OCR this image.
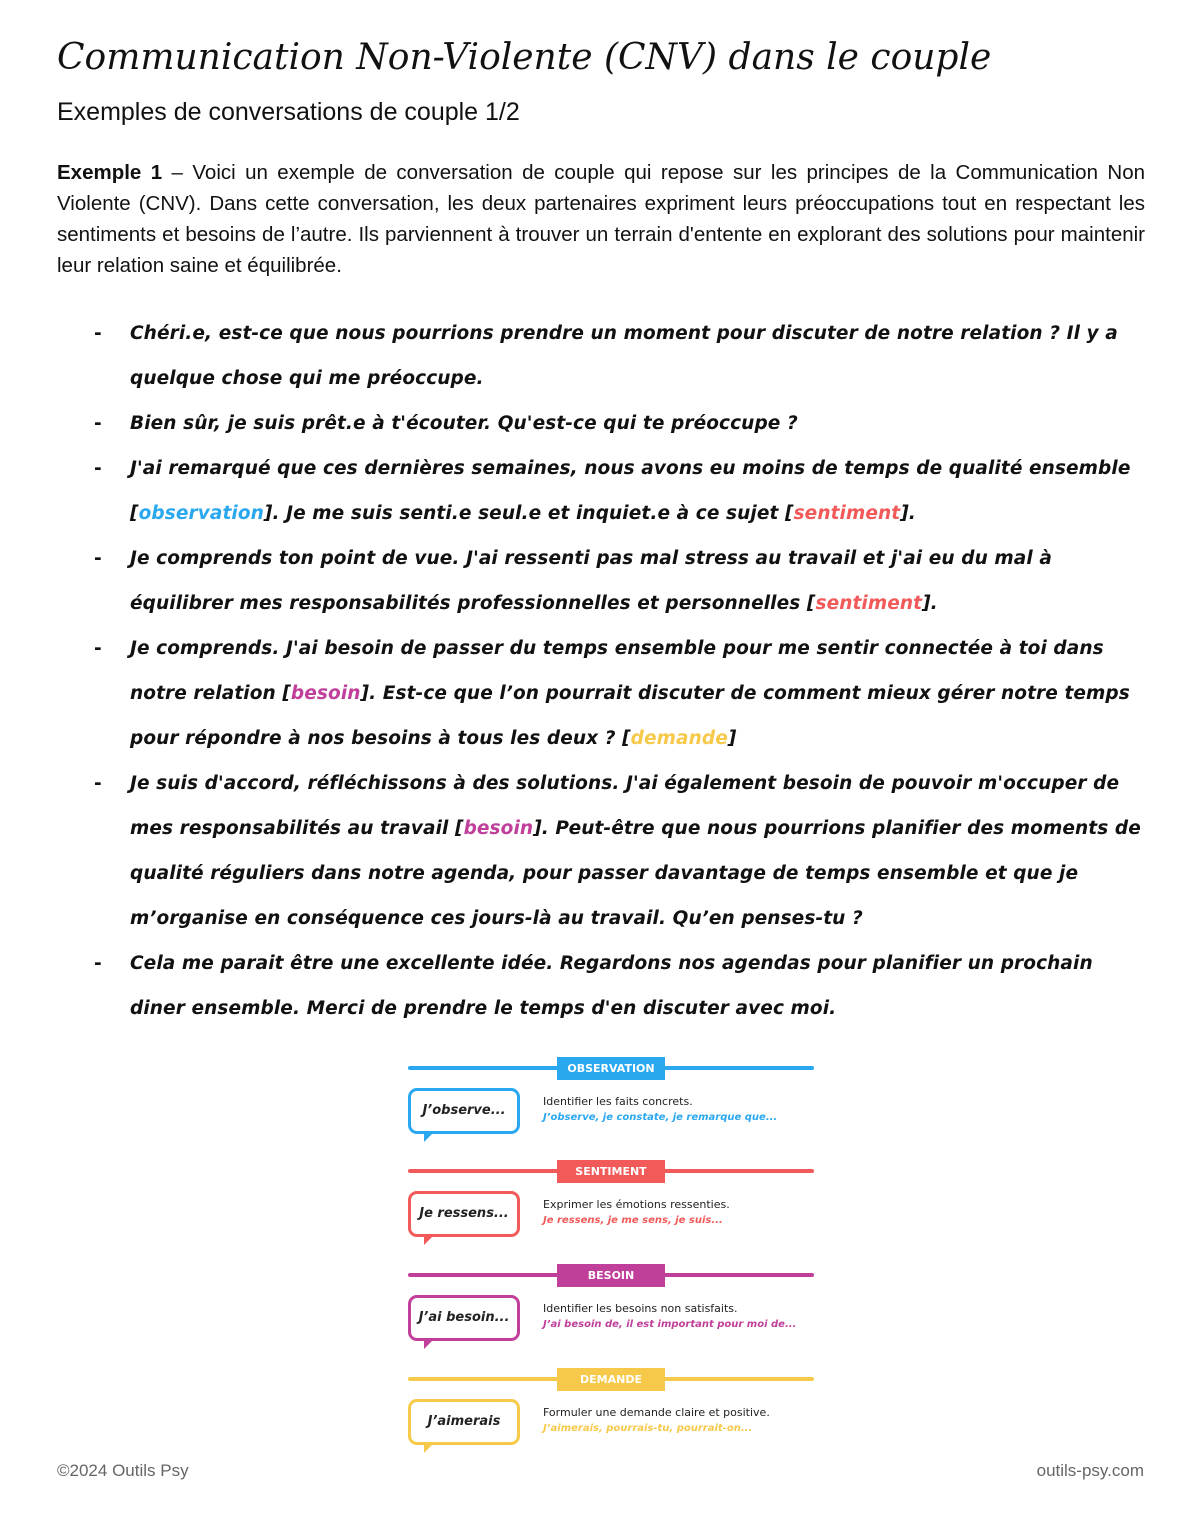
Communication Non-Violente (CNV) dans le couple
Exemples de conversations de couple 1/2

Exemple 1 – Voici un exemple de conversation de couple qui repose sur les principes de la Communication Non Violente (CNV). Dans cette conversation, les deux partenaires expriment leurs préoccupations tout en respectant les sentiments et besoins de l’autre. Ils parviennent à trouver un terrain d'entente en explorant des solutions pour maintenir leur relation saine et équilibrée.

- Chéri.e, est-ce que nous pourrions prendre un moment pour discuter de notre relation ? Il y a quelque chose qui me préoccupe.
- Bien sûr, je suis prêt.e à t'écouter. Qu'est-ce qui te préoccupe ?
- J'ai remarqué que ces dernières semaines, nous avons eu moins de temps de qualité ensemble [observation]. Je me suis senti.e seul.e et inquiet.e à ce sujet [sentiment].
- Je comprends ton point de vue. J'ai ressenti pas mal stress au travail et j'ai eu du mal à équilibrer mes responsabilités professionnelles et personnelles [sentiment].
- Je comprends. J'ai besoin de passer du temps ensemble pour me sentir connectée à toi dans notre relation [besoin]. Est-ce que l’on pourrait discuter de comment mieux gérer notre temps pour répondre à nos besoins à tous les deux ? [demande]
- Je suis d'accord, réfléchissons à des solutions. J'ai également besoin de pouvoir m'occuper de mes responsabilités au travail [besoin]. Peut-être que nous pourrions planifier des moments de qualité réguliers dans notre agenda, pour passer davantage de temps ensemble et que je m’organise en conséquence ces jours-là au travail. Qu’en penses-tu ?
- Cela me parait être une excellente idée. Regardons nos agendas pour planifier un prochain diner ensemble. Merci de prendre le temps d'en discuter avec moi.
OBSERVATION
J’observe...
Identifier les faits concrets.
J’observe, je constate, je remarque que...
SENTIMENT
Je ressens...
Exprimer les émotions ressenties.
Je ressens, je me sens, je suis...
BESOIN
J’ai besoin...
Identifier les besoins non satisfaits.
J’ai besoin de, il est important pour moi de...
DEMANDE
J’aimerais
Formuler une demande claire et positive.
J’aimerais, pourrais-tu, pourrait-on...
©2024 Outils Psy	outils-psy.com
